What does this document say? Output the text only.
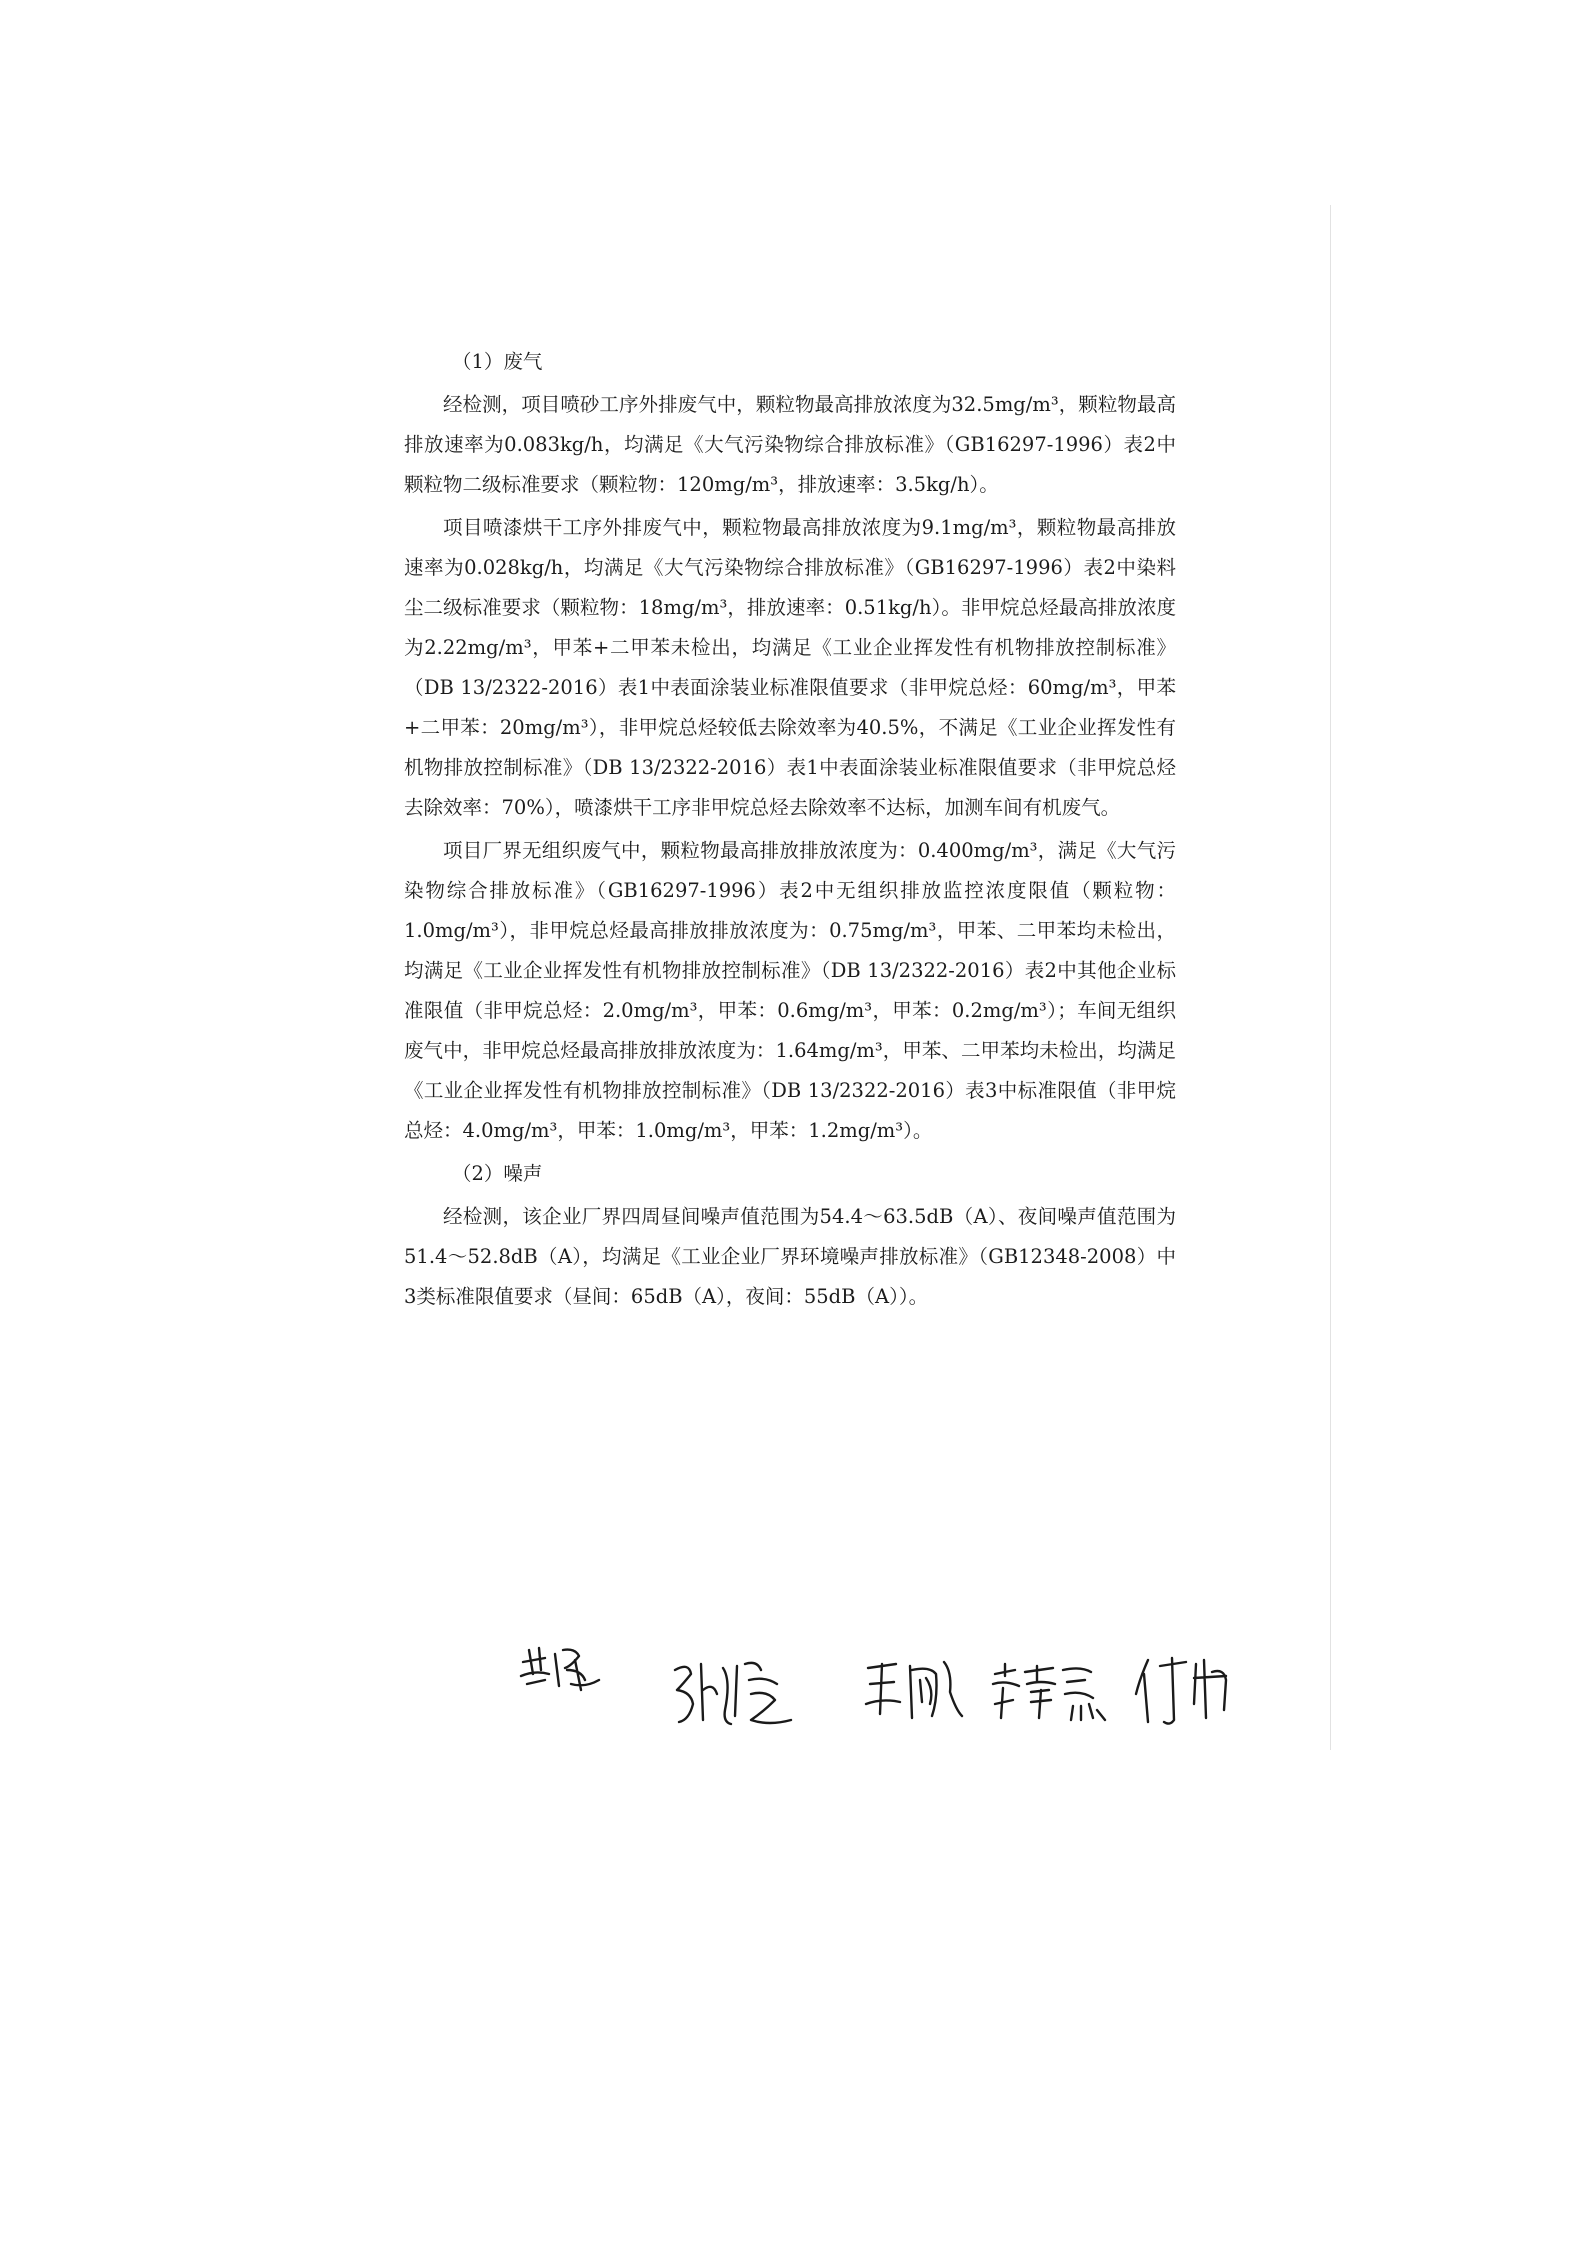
（1）废气

经检测，项目喷砂工序外排废气中，颗粒物最高排放浓度为32.5mg/m³，颗粒物最高排放速率为0.083kg/h，均满足《大气污染物综合排放标准》（GB16297-1996）表2中颗粒物二级标准要求（颗粒物：120mg/m³，排放速率：3.5kg/h）。

项目喷漆烘干工序外排废气中，颗粒物最高排放浓度为9.1mg/m³，颗粒物最高排放速率为0.028kg/h，均满足《大气污染物综合排放标准》（GB16297-1996）表2中染料尘二级标准要求（颗粒物：18mg/m³，排放速率：0.51kg/h）。非甲烷总烃最高排放浓度为2.22mg/m³，甲苯+二甲苯未检出，均满足《工业企业挥发性有机物排放控制标准》（DB 13/2322-2016）表1中表面涂装业标准限值要求（非甲烷总烃：60mg/m³，甲苯+二甲苯：20mg/m³），非甲烷总烃较低去除效率为40.5%，不满足《工业企业挥发性有机物排放控制标准》（DB 13/2322-2016）表1中表面涂装业标准限值要求（非甲烷总烃去除效率：70%），喷漆烘干工序非甲烷总烃去除效率不达标，加测车间有机废气。

项目厂界无组织废气中，颗粒物最高排放排放浓度为：0.400mg/m³，满足《大气污染物综合排放标准》（GB16297-1996）表2中无组织排放监控浓度限值（颗粒物：1.0mg/m³），非甲烷总烃最高排放排放浓度为：0.75mg/m³，甲苯、二甲苯均未检出，均满足《工业企业挥发性有机物排放控制标准》（DB 13/2322-2016）表2中其他企业标准限值（非甲烷总烃：2.0mg/m³，甲苯：0.6mg/m³，甲苯：0.2mg/m³）；车间无组织废气中，非甲烷总烃最高排放排放浓度为：1.64mg/m³，甲苯、二甲苯均未检出，均满足《工业企业挥发性有机物排放控制标准》（DB 13/2322-2016）表3中标准限值（非甲烷总烃：4.0mg/m³，甲苯：1.0mg/m³，甲苯：1.2mg/m³）。

（2）噪声

经检测，该企业厂界四周昼间噪声值范围为54.4～63.5dB（A）、夜间噪声值范围为51.4～52.8dB（A），均满足《工业企业厂界环境噪声排放标准》（GB12348-2008）中3类标准限值要求（昼间：65dB（A），夜间：55dB（A））。
